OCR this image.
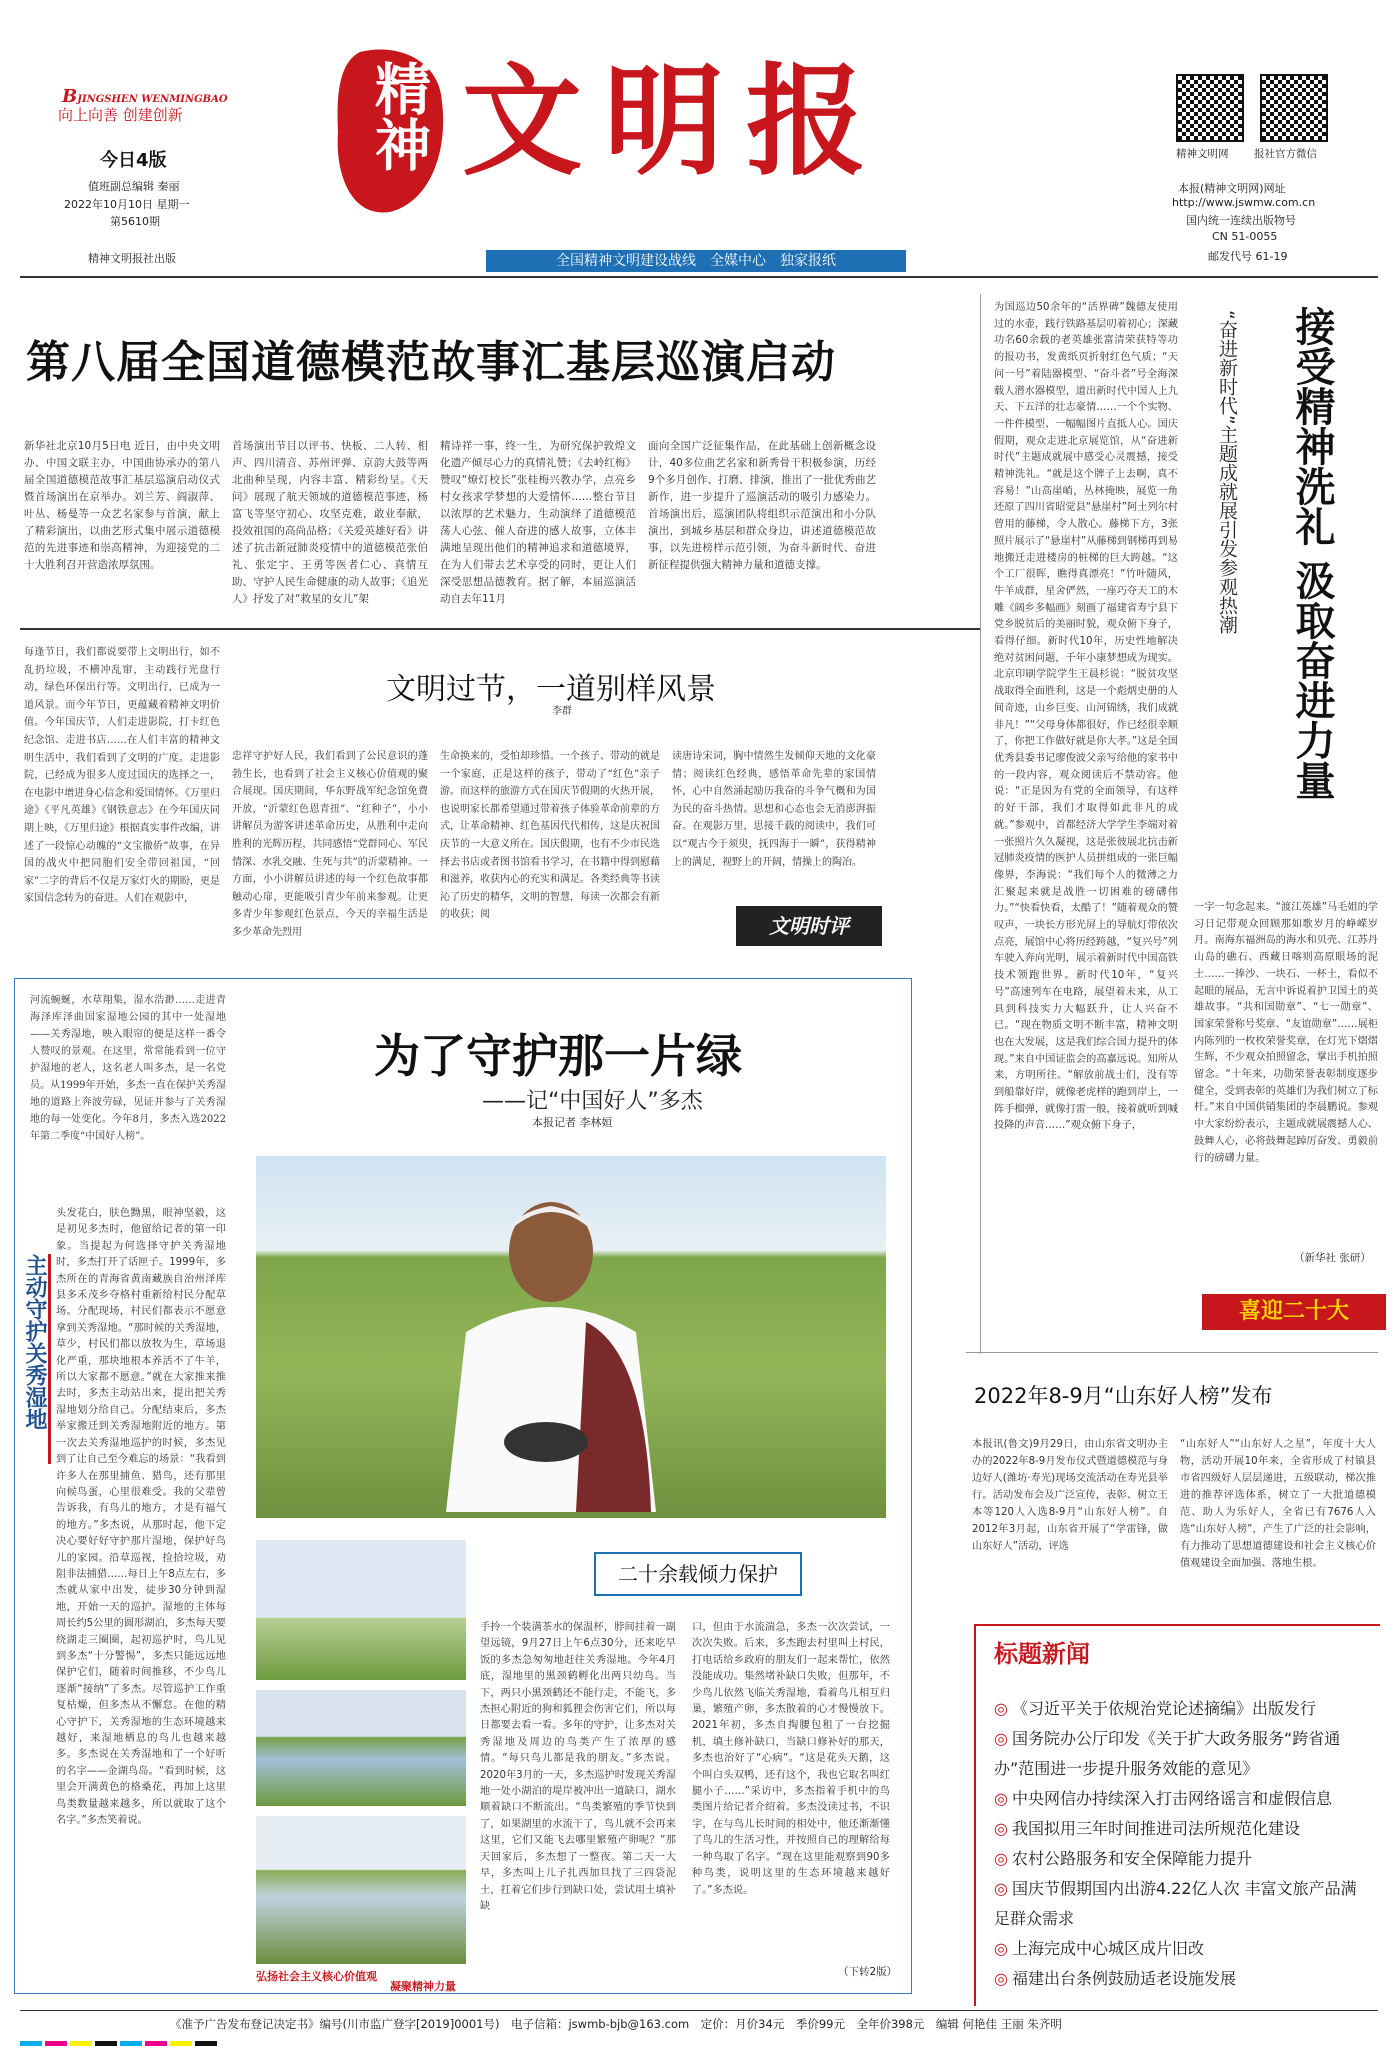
BJINGSHEN WENMINGBAO
向上向善 创建创新
今日4版
值班副总编辑 秦丽
2022年10月10日 星期一
第5610期
精神文明报社出版
精神 文明报	精神文明网 报社官方微信
本报(精神文明网)网址
http://www.jswmw.com.cn
国内统一连续出版物号
CN 51-0055
邮发代号 61-19
全国精神文明建设战线　全媒中心　独家报纸
第八届全国道德模范故事汇基层巡演启动
新华社北京10月5日电 近日，由中央文明办、中国文联主办，中国曲协承办的第八届全国道德模范故事汇基层巡演启动仪式暨首场演出在京举办。刘兰芳、阎淑萍、叶丛、杨曼等一众艺名家参与首演，献上了精彩演出，以曲艺形式集中展示道德模范的先进事迹和崇高精神，为迎接党的二十大胜利召开营造浓厚氛围。
首场演出节目以评书、快板、二人转、相声、四川清音、苏州评弹、京韵大鼓等两北曲种呈现，内容丰富、精彩纷呈。《天问》展现了航天领域的道德模范事迹，杨富飞等坚守初心、攻坚克难，敢业奉献，投效祖国的高尚品格；《关爱英雄好看》讲述了抗击新冠肺炎疫情中的道德模范张伯礼、张定宇、王勇等医者仁心、真情互助、守护人民生命健康的动人故事；《追光人》抒发了对“救星的女儿”架
精诗祥一事，终一生，为研究保护敦煌文化遗产倾尽心力的真情礼赞；《去岭红梅》赞叹“燎灯校长”张桂梅兴教办学，点亮乡村女孩求学梦想的大爱情怀……整台节目以浓厚的艺术魅力，生动演绎了道德模范荡人心弦、催人奋进的感人故事，立体丰满地呈现出他们的精神追求和道德境界，在为人们带去艺术享受的同时，更让人们深受思想品德教育。据了解，本届巡演活动自去年11月
面向全国广泛征集作品，在此基础上创新概念设计，40多位曲艺名家和新秀骨干积极参演，历经9个多月创作、打磨、排演，推出了一批优秀曲艺新作，进一步提升了巡演活动的吸引力感染力。首场演出后，巡演团队将组织示范演出和小分队演出，到城乡基层和群众身边，讲述道德模范故事，以先进榜样示范引领，为奋斗新时代、奋进新征程提供强大精神力量和道德支撑。
文明过节，一道别样风景
李群
每逢节日，我们都说要带上文明出行，如不乱扔垃圾，不横冲乱窜，主动践行光盘行动，绿色环保出行等。文明出行，已成为一道风景。而今年节日，更蕴藏着精神文明价值。今年国庆节，人们走进影院，打卡红色纪念馆、走进书店……在人们丰富的精神文明生活中，我们看到了文明的广度。走进影院，已经成为很多人度过国庆的选择之一，在电影中增进身心信念和爱国情怀。《万里归途》《平凡英雄》《钢铁意志》在今年国庆同期上映，《万里归途》根据真实事件改编，讲述了一段惊心动魄的“文宝撤侨”故事，在异国的战火中把同胞们安全带回祖国，“回家”二字的背后不仅是万家灯火的期盼，更是家国信念转为的奋进。人们在观影中，
忠祥守护好人民，我们看到了公民意识的蓬勃生长，也看到了社会主义核心价值观的聚合展现。国庆期间，华东野战军纪念馆免费开放，“沂蒙红色恩青扭”、“红种子”，小小讲解员为游客讲述革命历史，从胜利中走向胜利的光辉历程，共同感悟“党群同心、军民情深、水乳交融、生死与共”的沂蒙精神。一方面，小小讲解员讲述的每一个红色故事都触动心扉，更能吸引青少年前来参观。让更多青少年参观红色景点，今天的幸福生活是多少革命先烈用
生命换来的，受怕却珍惜。一个孩子、带动的就是一个家庭，正是这样的孩子，带动了“红色”亲子游。而这样的旅游方式在国庆节假期的火热开展，也说明家长都希望通过带着孩子体验革命前辈的方式，让革命精神、红色基因代代相传，这是庆祝国庆节的一大意义所在。国庆假期，也有不少市民选择去书店或者图书馆看书学习，在书籍中得到慰藉和滋养，收获内心的充实和满足。各类经典等书读沁了历史的精华，文明的智慧，每读一次都会有新的收获；阅
读唐诗宋词，胸中情然生发倾仰天地的文化豪情；阅读红色经典，感悟革命先辈的家国情怀，心中自然涌起励历我奋的斗争气概和为国为民的奋斗热情。思想和心态也会无消澎湃振奋。在观影万里，思接千载的阅读中，我们可以“观古今于须臾，抚四海于一瞬”，获得精神上的满足，视野上的开阔，情操上的陶冶。
文明时评
为国巡边50余年的“活界碑”魏德友使用过的水壶，践行铁路基层叨着初心；深藏功名60余载的老英雄张富清荣获特等功的报功书，发黄纸页折射红色气质；“天问一号”着陆器模型、“奋斗者”号全海深载人潜水器模型，道出新时代中国人上九天、下五洋的壮志豪情……一个个实物、一件件模型、一幅幅图片直抵人心。国庆假期，观众走进北京展览馆，从“奋进新时代”主题成就展中感受心灵震撼，接受精神洗礼。“就是这个牌子上去啊，真不容易！”山高崖峭，丛林掩映，展览一角还原了四川省昭觉县“悬崖村”阿土列尔村曾用的藤梯，令人散心。藤梯下方，3张照片展示了“悬崖村”从藤梯到钢梯再到易地搬迁走进楼房的桩梯的巨大跨越。“这个工厂很晖，瞧得真漂亮！”竹叶随风，牛羊成群，星舍俨然，一座巧夺天工的木雕《阔乡多幅画》刻画了福建省寿宁县下党乡脱贫后的美丽时貌，观众俯下身子，看得仔细。新时代10年，历史性地解决绝对贫困问题，千年小康梦想成为现实。北京印刷学院学生王晨杉说：“脱贫攻坚战取得全面胜利，这是一个彪炳史册的人间奇迹，山乡巨变、山河锦绣，我们成就非凡！”“父母身体都很好，作已经很幸顺了，你把工作做好就是你大孝。”这是全国优秀县委书记廖俊波父亲写给他的家书中的一段内容，观众阅读后不禁动容。他说：“正是因为有党的全面领导，有这样的好干部，我们才取得如此非凡的成就。”参观中，首都经济大学学生李端对着一张照片久久凝视，这是张彼展北抗击新冠肺炎疫情的医护人员拼组成的一张巨幅像界，李海说：“我们每个人的微薄之力汇聚起来就是战胜一切困难的磅礴伟力。”“快看快看，太酷了！”随着观众的赞叹声，一块长方形光屏上的导航灯带依次点亮，展馆中心将历经跨越，“复兴号”列车驶入奔向光明，展示着新时代中国高铁技术领跑世界。新时代10年，“复兴号”高速列车在电路，展望着未来，从工具到科技实力大幅跃升，让人兴奋不已。“现在物质文明不断丰富，精神文明也在大发展，这是我们综合国力提升的体现。”来自中国证监会的高嘉远说。知所从来，方明所往。“解放前战士们，没有等到船靠好岸，就像老虎样的跑到岸上，一阵手榴弹，就像打雷一般，接着就听到喊投降的声音……”观众俯下身子，
接受精神洗礼 汲取奋进力量
“奋进新时代”主题成就展引发参观热潮
一字一句念起来。“渡江英雄”马毛姐的学习日记带观众回顾那如歌岁月的峥嵘岁月。南海东福洲岛的海水和贝壳、江苏丹山岛的礁石、西藏日喀则高原眼场的泥土……一捧沙、一块石、一杯土，看似不起眼的展品，无言中诉说着护卫国土的英雄故事。“共和国勋章”、“七一勋章”、国家荣誉称号奖章、“友谊勋章”……展柜内陈列的一枚枚荣誉奖章，在灯光下熠熠生辉，不少观众拍照留念，掌出手机拍照留念。“十年来，功勋荣誉表彰制度逐步健全，受到表彰的英雄们为我们树立了标杆。”来自中国供销集团的李晨鹏说。参观中大家纷纷表示，主题成就展震撼人心、鼓舞人心，必将鼓舞起踔厉奋发、勇毅前行的磅礴力量。
（新华社 张研）
喜迎二十大
河流蜿蜒，水草翔集，湿水浩渺……走进青海泽库泽曲国家湿地公园的其中一处湿地——关秀湿地，映入眼帘的便是这样一番令人赞叹的景观。在这里，常常能看到一位守护湿地的老人，这名老人叫多杰，是一名党员。从1999年开始，多杰一直在保护关秀湿地的道路上奔波劳碌，见证并参与了关秀湿地的每一处变化。今年8月，多杰入选2022年第二季度“中国好人榜”。
为了守护那一片绿
——记“中国好人”多杰
本报记者 李林姮
主动守护关秀湿地
头发花白，肤色黝黑，眼神坚毅，这是初见多杰时，他留给记者的第一印象。当提起为何选择守护关秀湿地时，多杰打开了话匣子。1999年，多杰所在的青海省黄南藏族自治州泽库县多禾茂乡夺格村重新给村民分配草场。分配现场，村民们都表示不愿意拿到关秀湿地。“那时候的关秀湿地，草少，村民们都以放牧为生，草场退化严重，那块地根本养活不了牛羊，所以大家都不愿意。”就在大家推来推去时，多杰主动站出来，提出把关秀湿地划分给自己。分配结束后，多杰举家搬迁到关秀湿地附近的地方。第一次去关秀湿地巡护的时候，多杰见到了让自己至今难忘的场景：“我看到许多人在那里捕鱼、猎鸟，还有那里向候鸟蛋，心里很难受。我的父辈曾告诉我，有鸟儿的地方，才是有福气的地方。”多杰说，从那时起，他下定决心要好好守护那片湿地，保护好鸟儿的家园。沿草巡视，捡拾垃圾，劝阻非法捕猎……每日上午8点左右，多杰就从家中出发，徒步30分钟到湿地，开始一天的巡护。湿地的主体每周长约5公里的圆形湖泊，多杰每天要绕湖走三圈圈，起初巡护时，鸟儿见到多杰“十分警惕”，多杰只能远远地保护它们，随着时间推移，不少鸟儿逐渐“接纳”了多杰。尽管巡护工作重复枯燥，但多杰从不懈怠。在他的精心守护下，关秀湿地的生态环境越来越好，来湿地栖息的鸟儿也越来越多。多杰说在关秀湿地和了一个好听的名字——金湖鸟岛。“看到时候，这里会开满黄色的格桑花，再加上这里鸟类数量越来越多，所以就取了这个名字。”多杰笑着说。
二十余载倾力保护
手拎一个装满茶水的保温杯，脖间挂着一副望远镜，9月27日上午6点30分，还来吃早饭的多杰急匆匆地赶往关秀湿地。今年4月底，湿地里的黑颈鹤孵化出两只幼鸟。当下，两只小黑颈鹤还不能行走，不能飞，多杰担心附近的狗和狐狸会伤害它们，所以每日都要去看一看。多年的守护，让多杰对关秀湿地及周边的鸟类产生了浓厚的感情。“每只鸟儿都是我的朋友。”多杰说。2020年3月的一天，多杰巡护时发现关秀湿地一处小湖泊的堤岸被冲出一道缺口，湖水顺着缺口不断流出。“鸟类繁殖的季节快到了，如果湖里的水流干了，鸟儿就不会再来这里，它们又能飞去哪里繁殖产卵呢？”那天回家后，多杰想了一整夜。第二天一大早，多杰叫上儿子扎西加旦找了三四袋泥土，扛着它们步行到缺口处，尝试用土填补缺
口，但由于水流湍急，多杰一次次尝试，一次次失败。后来，多杰跑去村里叫上村民，打电话给乡政府的朋友们一起来帮忙，依然没能成功。集然堵补缺口失败，但那年，不少鸟儿依然飞临关秀湿地，看着鸟儿相互归巢，繁殖产卵，多杰散着的心才慢慢放下。2021年初，多杰自掏腰包租了一台挖掘机，填土修补缺口，当缺口修补好的那天，多杰也治好了“心病”。“这是花头天鹅，这个叫白头双鸭，还有这个，我也它取名叫红腿小子……”采访中，多杰指着手机中的鸟类图片给记者介绍着。多杰没读过书，不识字，在与鸟儿长时间的相处中，他还渐渐懂了鸟儿的生活习性，并按照自己的理解给每一种鸟取了名字。“现在这里能观察到90多种鸟类，说明这里的生态环境越来越好了。”多杰说。
（下转2版）
弘扬社会主义核心价值观
凝聚精神力量
2022年8-9月“山东好人榜”发布
本报讯(鲁文)9月29日，由山东省文明办主办的2022年8-9月发布仪式暨道德模范与身边好人(潍坊·寿光)现场交流活动在寿光县举行。活动发布会及广泛宣传，表彰、树立王本等120人入选8-9月“山东好人榜”。自2012年3月起，山东省开展了“学雷锋，做山东好人”活动，评选
“山东好人”“山东好人之星”，年度十大人物，活动开展10年来，全省形成了村镇县市省四级好人层层递进，五级联动，梯次推进的推荐评选体系，树立了一大批道德模范、助人为乐好人，全省已有7676人入选“山东好人榜”，产生了广泛的社会影响，有力推动了思想道德建设和社会主义核心价值观建设全面加强、落地生根。
标题新闻
◎ 《习近平关于依规治党论述摘编》出版发行
◎ 国务院办公厅印发《关于扩大政务服务“跨省通办”范围进一步提升服务效能的意见》
◎ 中央网信办持续深入打击网络谣言和虚假信息
◎ 我国拟用三年时间推进司法所规范化建设
◎ 农村公路服务和安全保障能力提升
◎ 国庆节假期国内出游4.22亿人次 丰富文旅产品满足群众需求
◎ 上海完成中心城区成片旧改
◎ 福建出台条例鼓励适老设施发展
《准予广告发布登记决定书》编号(川市监广登字[2019]0001号)　电子信箱：jswmb-bjb@163.com　定价：月价34元　季价99元　全年价398元　编辑 何艳佳 王丽 朱齐明
